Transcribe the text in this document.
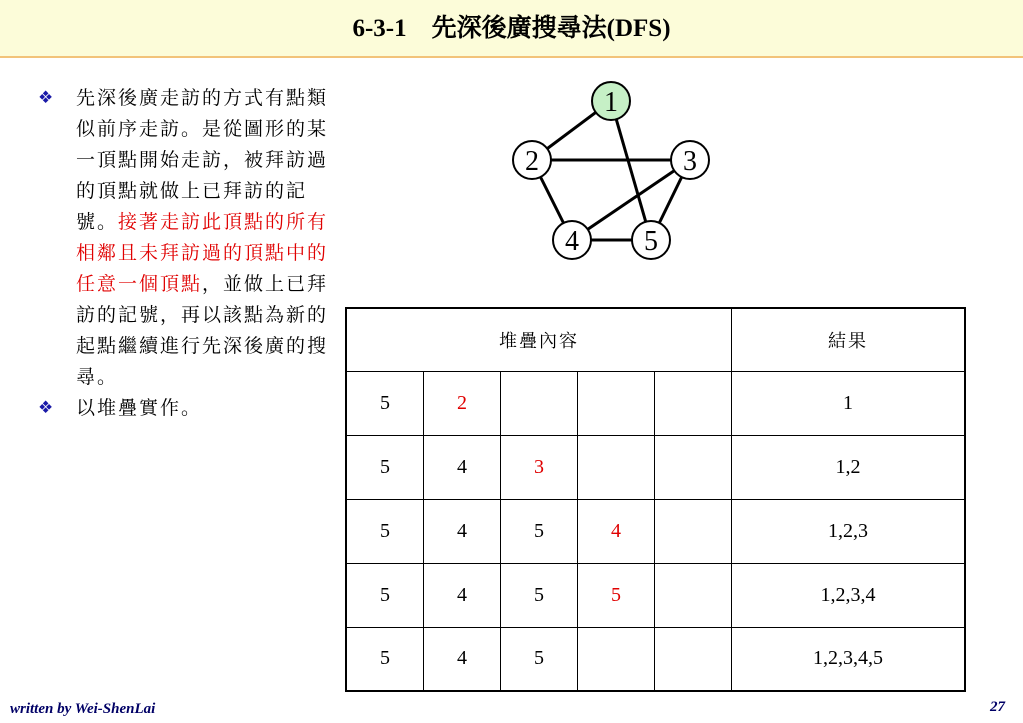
6-3-1　先深後廣搜尋法(DFS)
❖ 先深後廣走訪的方式有點類似前序走訪。是從圖形的某一頂點開始走訪，被拜訪過的頂點就做上已拜訪的記號。接著走訪此頂點的所有相鄰且未拜訪過的頂點中的任意一個頂點，並做上已拜訪的記號，再以該點為新的起點繼續進行先深後廣的搜尋。
❖ 以堆疊實作。
1
2	3
4 5
堆疊內容					結果
5	2				1
5	4	3			1,2
5	4	5	4		1,2,3
5	4	5	5		1,2,3,4
5	4	5			1,2,3,4,5
written by Wei-ShenLai	27
